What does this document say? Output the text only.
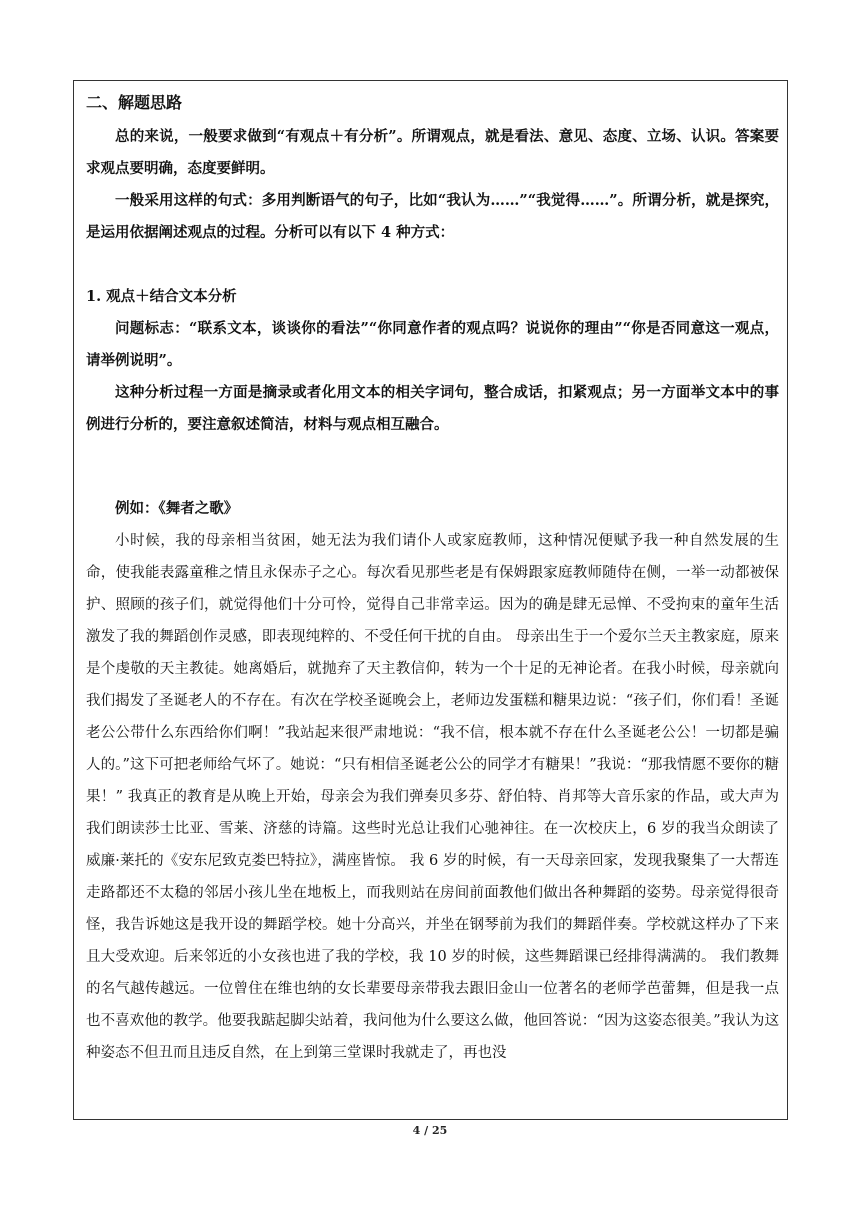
二、解题思路

总的来说，一般要求做到“有观点＋有分析”。所谓观点，就是看法、意见、态度、立场、认识。答案要求观点要明确，态度要鲜明。

一般采用这样的句式：多用判断语气的句子，比如“我认为……”“我觉得……”。所谓分析，就是探究，是运用依据阐述观点的过程。分析可以有以下 4 种方式：

1. 观点＋结合文本分析

问题标志：“联系文本，谈谈你的看法”“你同意作者的观点吗？说说你的理由”“你是否同意这一观点，请举例说明”。

这种分析过程一方面是摘录或者化用文本的相关字词句，整合成话，扣紧观点；另一方面举文本中的事例进行分析的，要注意叙述简洁，材料与观点相互融合。

例如：《舞者之歌》

小时候，我的母亲相当贫困，她无法为我们请仆人或家庭教师，这种情况便赋予我一种自然发展的生命，使我能表露童稚之情且永保赤子之心。每次看见那些老是有保姆跟家庭教师随侍在侧，一举一动都被保护、照顾的孩子们，就觉得他们十分可怜，觉得自己非常幸运。因为的确是肆无忌惮、不受拘束的童年生活激发了我的舞蹈创作灵感，即表现纯粹的、不受任何干扰的自由。 母亲出生于一个爱尔兰天主教家庭，原来是个虔敬的天主教徒。她离婚后，就抛弃了天主教信仰，转为一个十足的无神论者。在我小时候，母亲就向我们揭发了圣诞老人的不存在。有次在学校圣诞晚会上，老师边发蛋糕和糖果边说：“孩子们，你们看！圣诞老公公带什么东西给你们啊！”我站起来很严肃地说：“我不信，根本就不存在什么圣诞老公公！一切都是骗人的。”这下可把老师给气坏了。她说：“只有相信圣诞老公公的同学才有糖果！”我说：“那我情愿不要你的糖果！” 我真正的教育是从晚上开始，母亲会为我们弹奏贝多芬、舒伯特、肖邦等大音乐家的作品，或大声为我们朗读莎士比亚、雪莱、济慈的诗篇。这些时光总让我们心驰神往。在一次校庆上，6 岁的我当众朗读了威廉·莱托的《安东尼致克娄巴特拉》，满座皆惊。 我 6 岁的时候，有一天母亲回家，发现我聚集了一大帮连走路都还不太稳的邻居小孩儿坐在地板上，而我则站在房间前面教他们做出各种舞蹈的姿势。母亲觉得很奇怪，我告诉她这是我开设的舞蹈学校。她十分高兴，并坐在钢琴前为我们的舞蹈伴奏。学校就这样办了下来且大受欢迎。后来邻近的小女孩也进了我的学校，我 10 岁的时候，这些舞蹈课已经排得满满的。 我们教舞的名气越传越远。一位曾住在维也纳的女长辈要母亲带我去跟旧金山一位著名的老师学芭蕾舞，但是我一点也不喜欢他的教学。他要我踮起脚尖站着，我问他为什么要这么做，他回答说：“因为这姿态很美。”我认为这种姿态不但丑而且违反自然，在上到第三堂课时我就走了，再也没

4 / 25
